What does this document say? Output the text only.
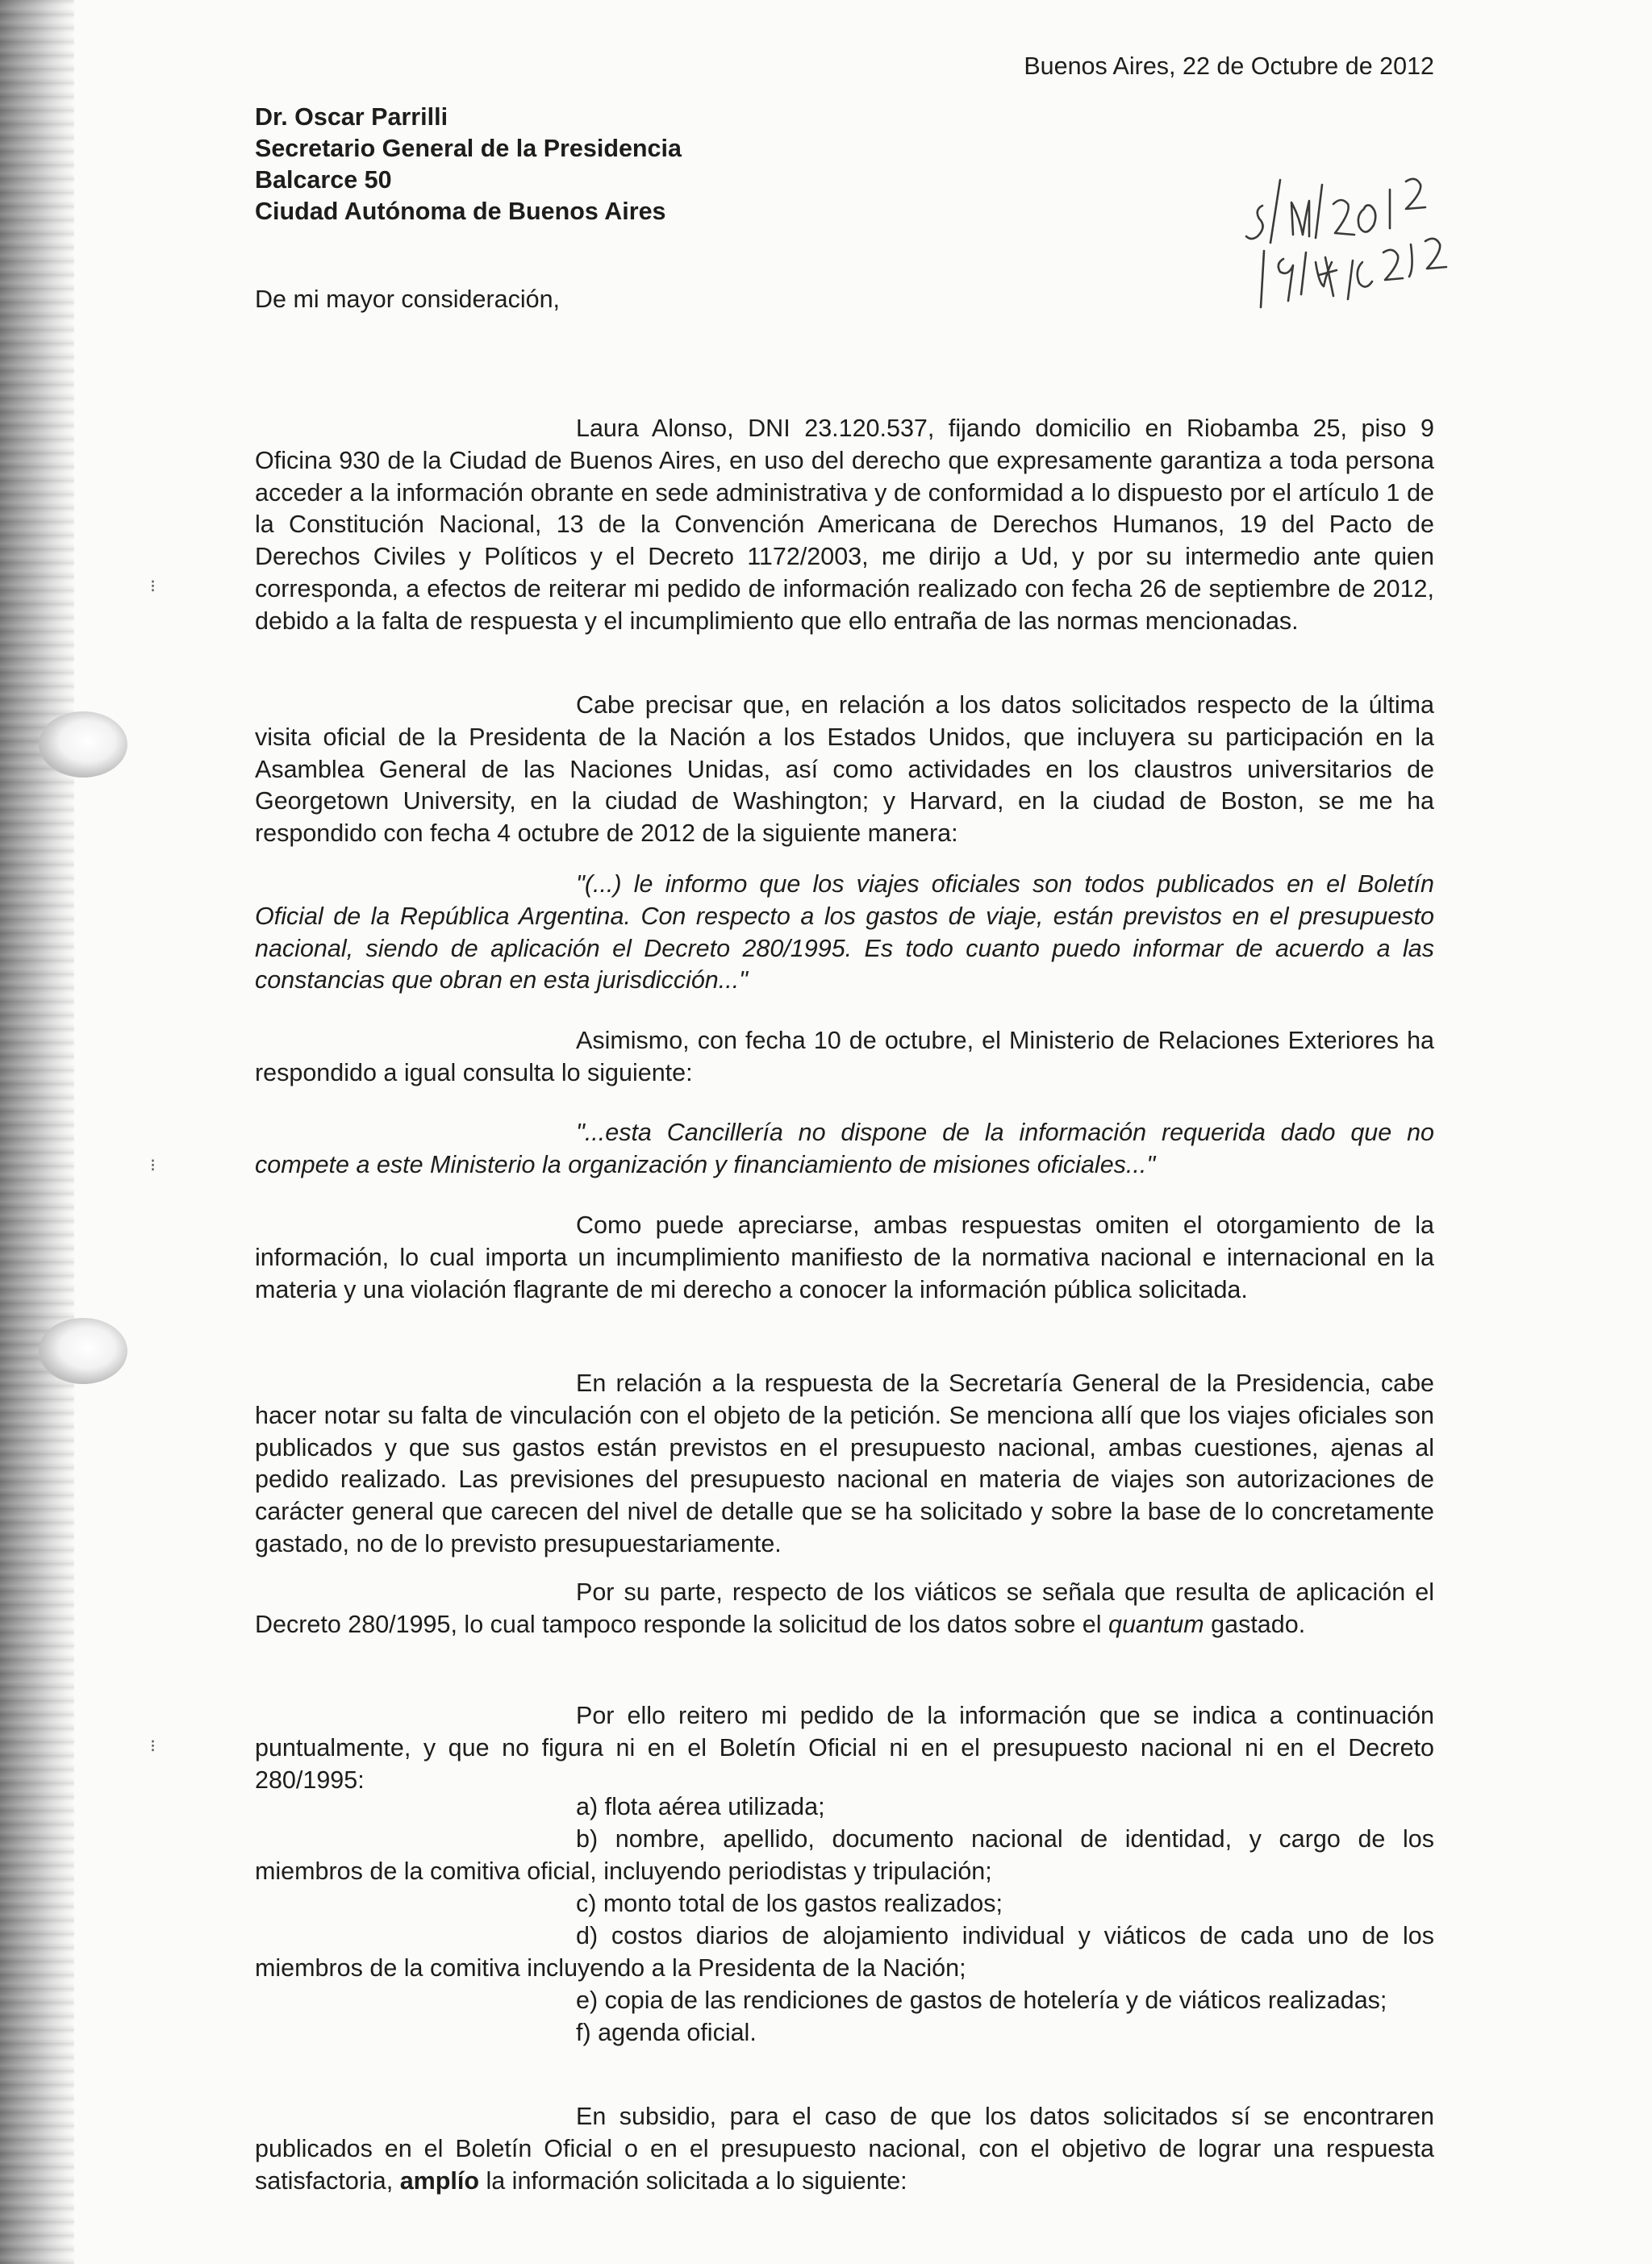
⁝
⁝
⁝

Buenos Aires, 22 de Octubre de 2012

Dr. Oscar Parrilli
Secretario General de la Presidencia
Balcarce 50
Ciudad Autónoma de Buenos Aires

De mi mayor consideración,

Laura Alonso, DNI 23.120.537, fijando domicilio en Riobamba 25, piso 9 Oficina 930 de la Ciudad de Buenos Aires, en uso del derecho que expresamente garantiza a toda persona acceder a la información obrante en sede administrativa y de conformidad a lo dispuesto por el artículo 1 de la Constitución Nacional, 13 de la Convención Americana de Derechos Humanos, 19 del Pacto de Derechos Civiles y Políticos y el Decreto 1172/2003, me dirijo a Ud, y por su intermedio ante quien corresponda, a efectos de reiterar mi pedido de información realizado con fecha 26 de septiembre de 2012, debido a la falta de respuesta y el incumplimiento que ello entraña de las normas mencionadas.

Cabe precisar que, en relación a los datos solicitados respecto de la última visita oficial de la Presidenta de la Nación a los Estados Unidos, que incluyera su participación en la Asamblea General de las Naciones Unidas, así como actividades en los claustros universitarios de Georgetown University, en la ciudad de Washington; y Harvard, en la ciudad de Boston, se me ha respondido con fecha 4 octubre de 2012 de la siguiente manera:

"(...) le informo que los viajes oficiales son todos publicados en el Boletín Oficial de la República Argentina. Con respecto a los gastos de viaje, están previstos en el presupuesto nacional, siendo de aplicación el Decreto 280/1995. Es todo cuanto puedo informar de acuerdo a las constancias que obran en esta jurisdicción..."

Asimismo, con fecha 10 de octubre, el Ministerio de Relaciones Exteriores ha respondido a igual consulta lo siguiente:

"...esta Cancillería no dispone de la información requerida dado que no compete a este Ministerio la organización y financiamiento de misiones oficiales..."

Como puede apreciarse, ambas respuestas omiten el otorgamiento de la información, lo cual importa un incumplimiento manifiesto de la normativa nacional e internacional en la materia y una violación flagrante de mi derecho a conocer la información pública solicitada.

En relación a la respuesta de la Secretaría General de la Presidencia, cabe hacer notar su falta de vinculación con el objeto de la petición. Se menciona allí que los viajes oficiales son publicados y que sus gastos están previstos en el presupuesto nacional, ambas cuestiones, ajenas al pedido realizado. Las previsiones del presupuesto nacional en materia de viajes son autorizaciones de carácter general que carecen del nivel de detalle que se ha solicitado y sobre la base de lo concretamente gastado, no de lo previsto presupuestariamente.

Por su parte, respecto de los viáticos se señala que resulta de aplicación el Decreto 280/1995, lo cual tampoco responde la solicitud de los datos sobre el quantum gastado.

Por ello reitero mi pedido de la información que se indica a continuación puntualmente, y que no figura ni en el Boletín Oficial ni en el presupuesto nacional ni en el Decreto 280/1995:

a) flota aérea utilizada;
b) nombre, apellido, documento nacional de identidad, y cargo de los miembros de la comitiva oficial, incluyendo periodistas y tripulación;
c) monto total de los gastos realizados;
d) costos diarios de alojamiento individual y viáticos de cada uno de los miembros de la comitiva incluyendo a la Presidenta de la Nación;
e) copia de las rendiciones de gastos de hotelería y de viáticos realizadas;
f) agenda oficial.

En subsidio, para el caso de que los datos solicitados sí se encontraren publicados en el Boletín Oficial o en el presupuesto nacional, con el objetivo de lograr una respuesta satisfactoria, amplío la información solicitada a lo siguiente:
